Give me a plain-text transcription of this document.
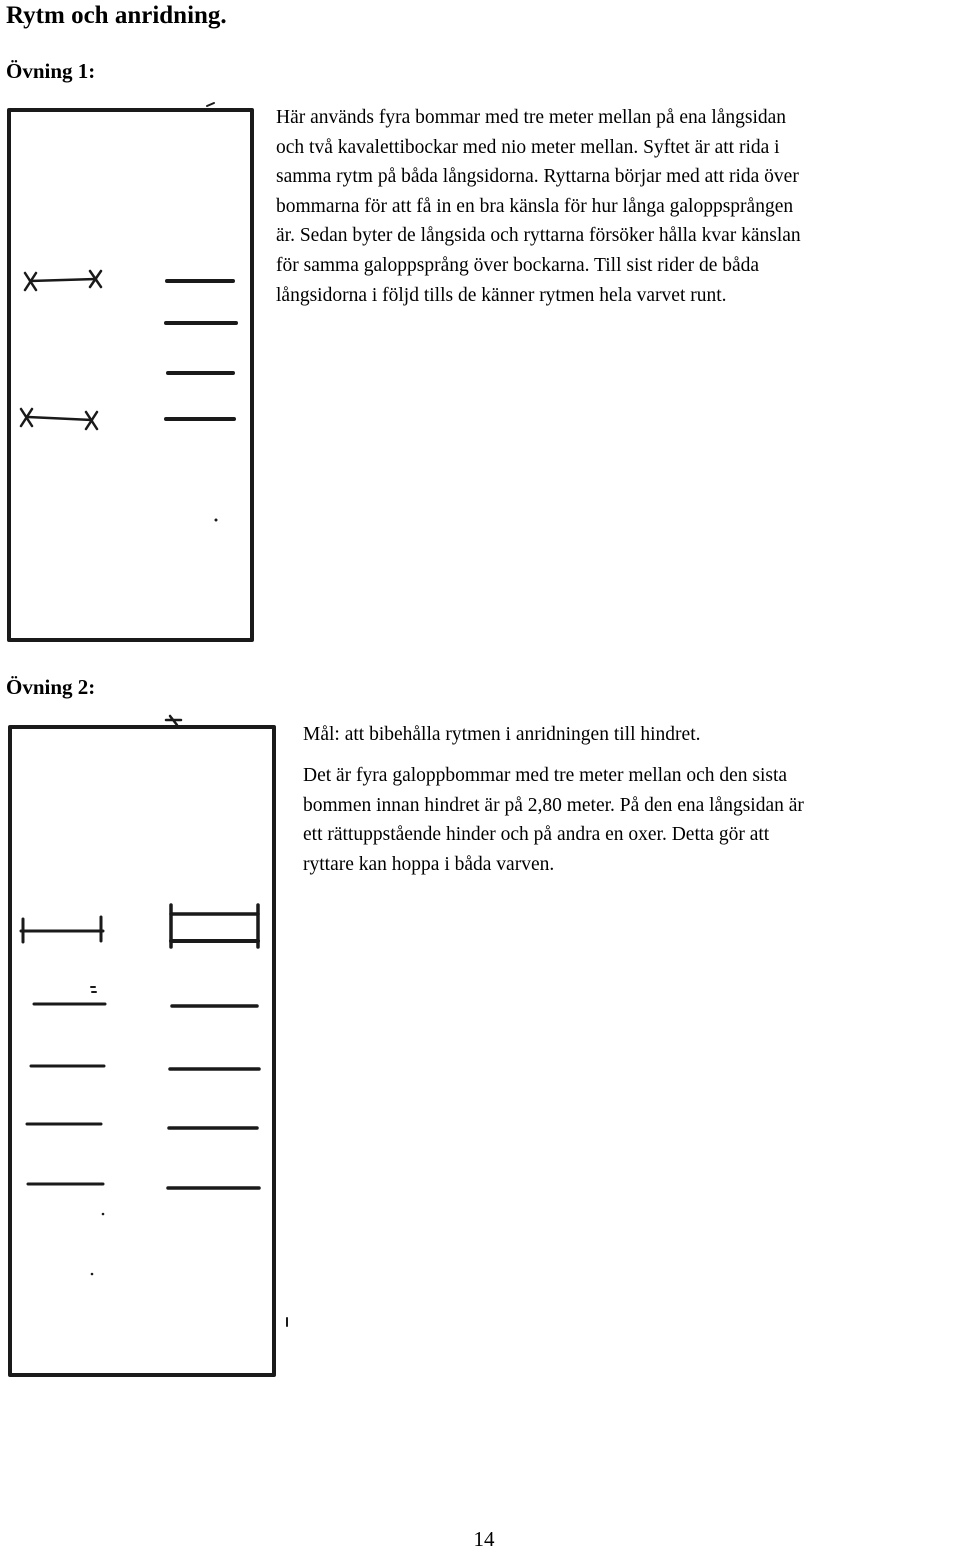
Rytm och anridning.
Övning 1:
Här används fyra bommar med tre meter mellan på ena långsidan
och två kavalettibockar med nio meter mellan. Syftet är att rida i
samma rytm på båda långsidorna. Ryttarna börjar med att rida över
bommarna för att få in en bra känsla för hur långa galoppsprången
är. Sedan byter de långsida och ryttarna försöker hålla kvar känslan
för samma galoppsprång över bockarna. Till sist rider de båda
långsidorna i följd tills de känner rytmen hela varvet runt.
Övning 2:
Mål: att bibehålla rytmen i anridningen till hindret.
Det är fyra galoppbommar med tre meter mellan och den sista
bommen innan hindret är på 2,80 meter. På den ena långsidan är
ett rättuppstående hinder och på andra en oxer. Detta gör att
ryttare kan hoppa i båda varven.
14
